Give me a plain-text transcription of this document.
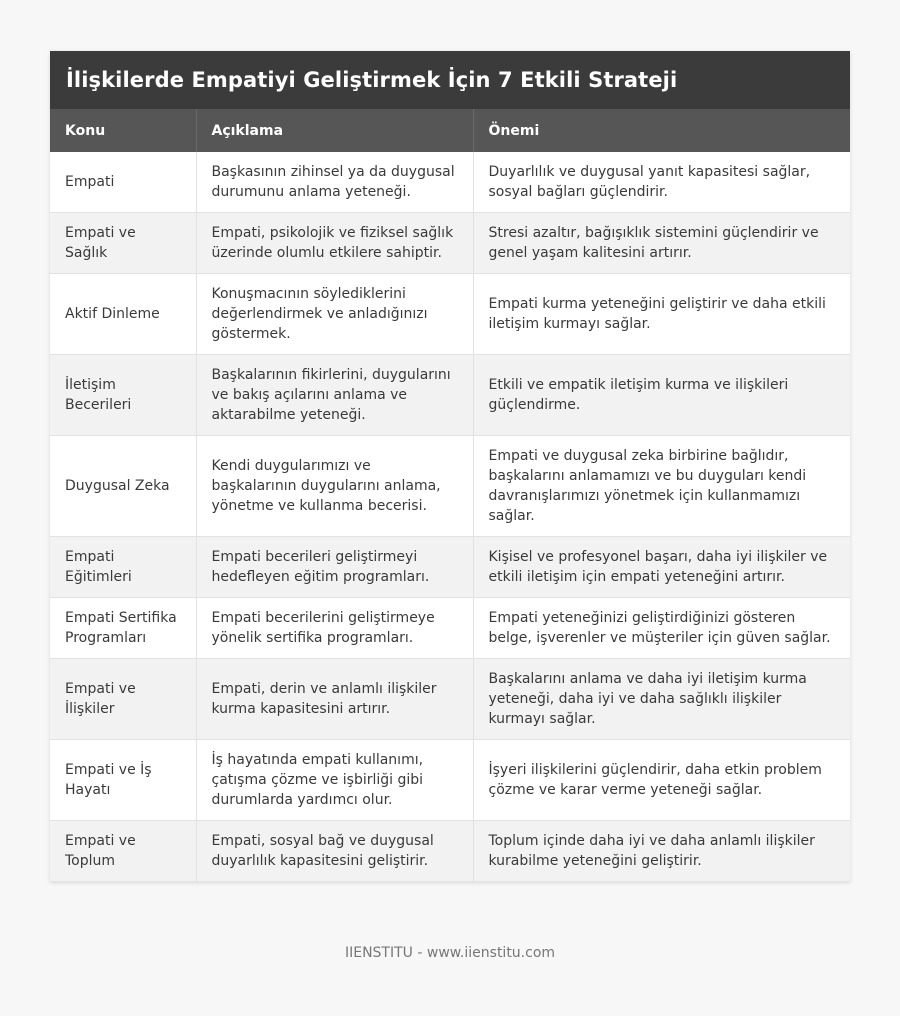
İlişkilerde Empatiyi Geliştirmek İçin 7 Etkili Strateji
Konu	Açıklama	Önemi
Empati	Başkasının zihinsel ya da duygusal durumunu anlama yeteneği.	Duyarlılık ve duygusal yanıt kapasitesi sağlar, sosyal bağları güçlendirir.
Empati ve Sağlık	Empati, psikolojik ve fiziksel sağlık üzerinde olumlu etkilere sahiptir.	Stresi azaltır, bağışıklık sistemini güçlendirir ve genel yaşam kalitesini artırır.
Aktif Dinleme	Konuşmacının söylediklerini değerlendirmek ve anladığınızı göstermek.	Empati kurma yeteneğini geliştirir ve daha etkili iletişim kurmayı sağlar.
İletişim Becerileri	Başkalarının fikirlerini, duygularını ve bakış açılarını anlama ve aktarabilme yeteneği.	Etkili ve empatik iletişim kurma ve ilişkileri güçlendirme.
Duygusal Zeka	Kendi duygularımızı ve başkalarının duygularını anlama, yönetme ve kullanma becerisi.	Empati ve duygusal zeka birbirine bağlıdır, başkalarını anlamamızı ve bu duyguları kendi davranışlarımızı yönetmek için kullanmamızı sağlar.
Empati Eğitimleri	Empati becerileri geliştirmeyi hedefleyen eğitim programları.	Kişisel ve profesyonel başarı, daha iyi ilişkiler ve etkili iletişim için empati yeteneğini artırır.
Empati Sertifika Programları	Empati becerilerini geliştirmeye yönelik sertifika programları.	Empati yeteneğinizi geliştirdiğinizi gösteren belge, işverenler ve müşteriler için güven sağlar.
Empati ve İlişkiler	Empati, derin ve anlamlı ilişkiler kurma kapasitesini artırır.	Başkalarını anlama ve daha iyi iletişim kurma yeteneği, daha iyi ve daha sağlıklı ilişkiler kurmayı sağlar.
Empati ve İş Hayatı	İş hayatında empati kullanımı, çatışma çözme ve işbirliği gibi durumlarda yardımcı olur.	İşyeri ilişkilerini güçlendirir, daha etkin problem çözme ve karar verme yeteneği sağlar.
Empati ve Toplum	Empati, sosyal bağ ve duygusal duyarlılık kapasitesini geliştirir.	Toplum içinde daha iyi ve daha anlamlı ilişkiler kurabilme yeteneğini geliştirir.
IIENSTITU - www.iienstitu.com
